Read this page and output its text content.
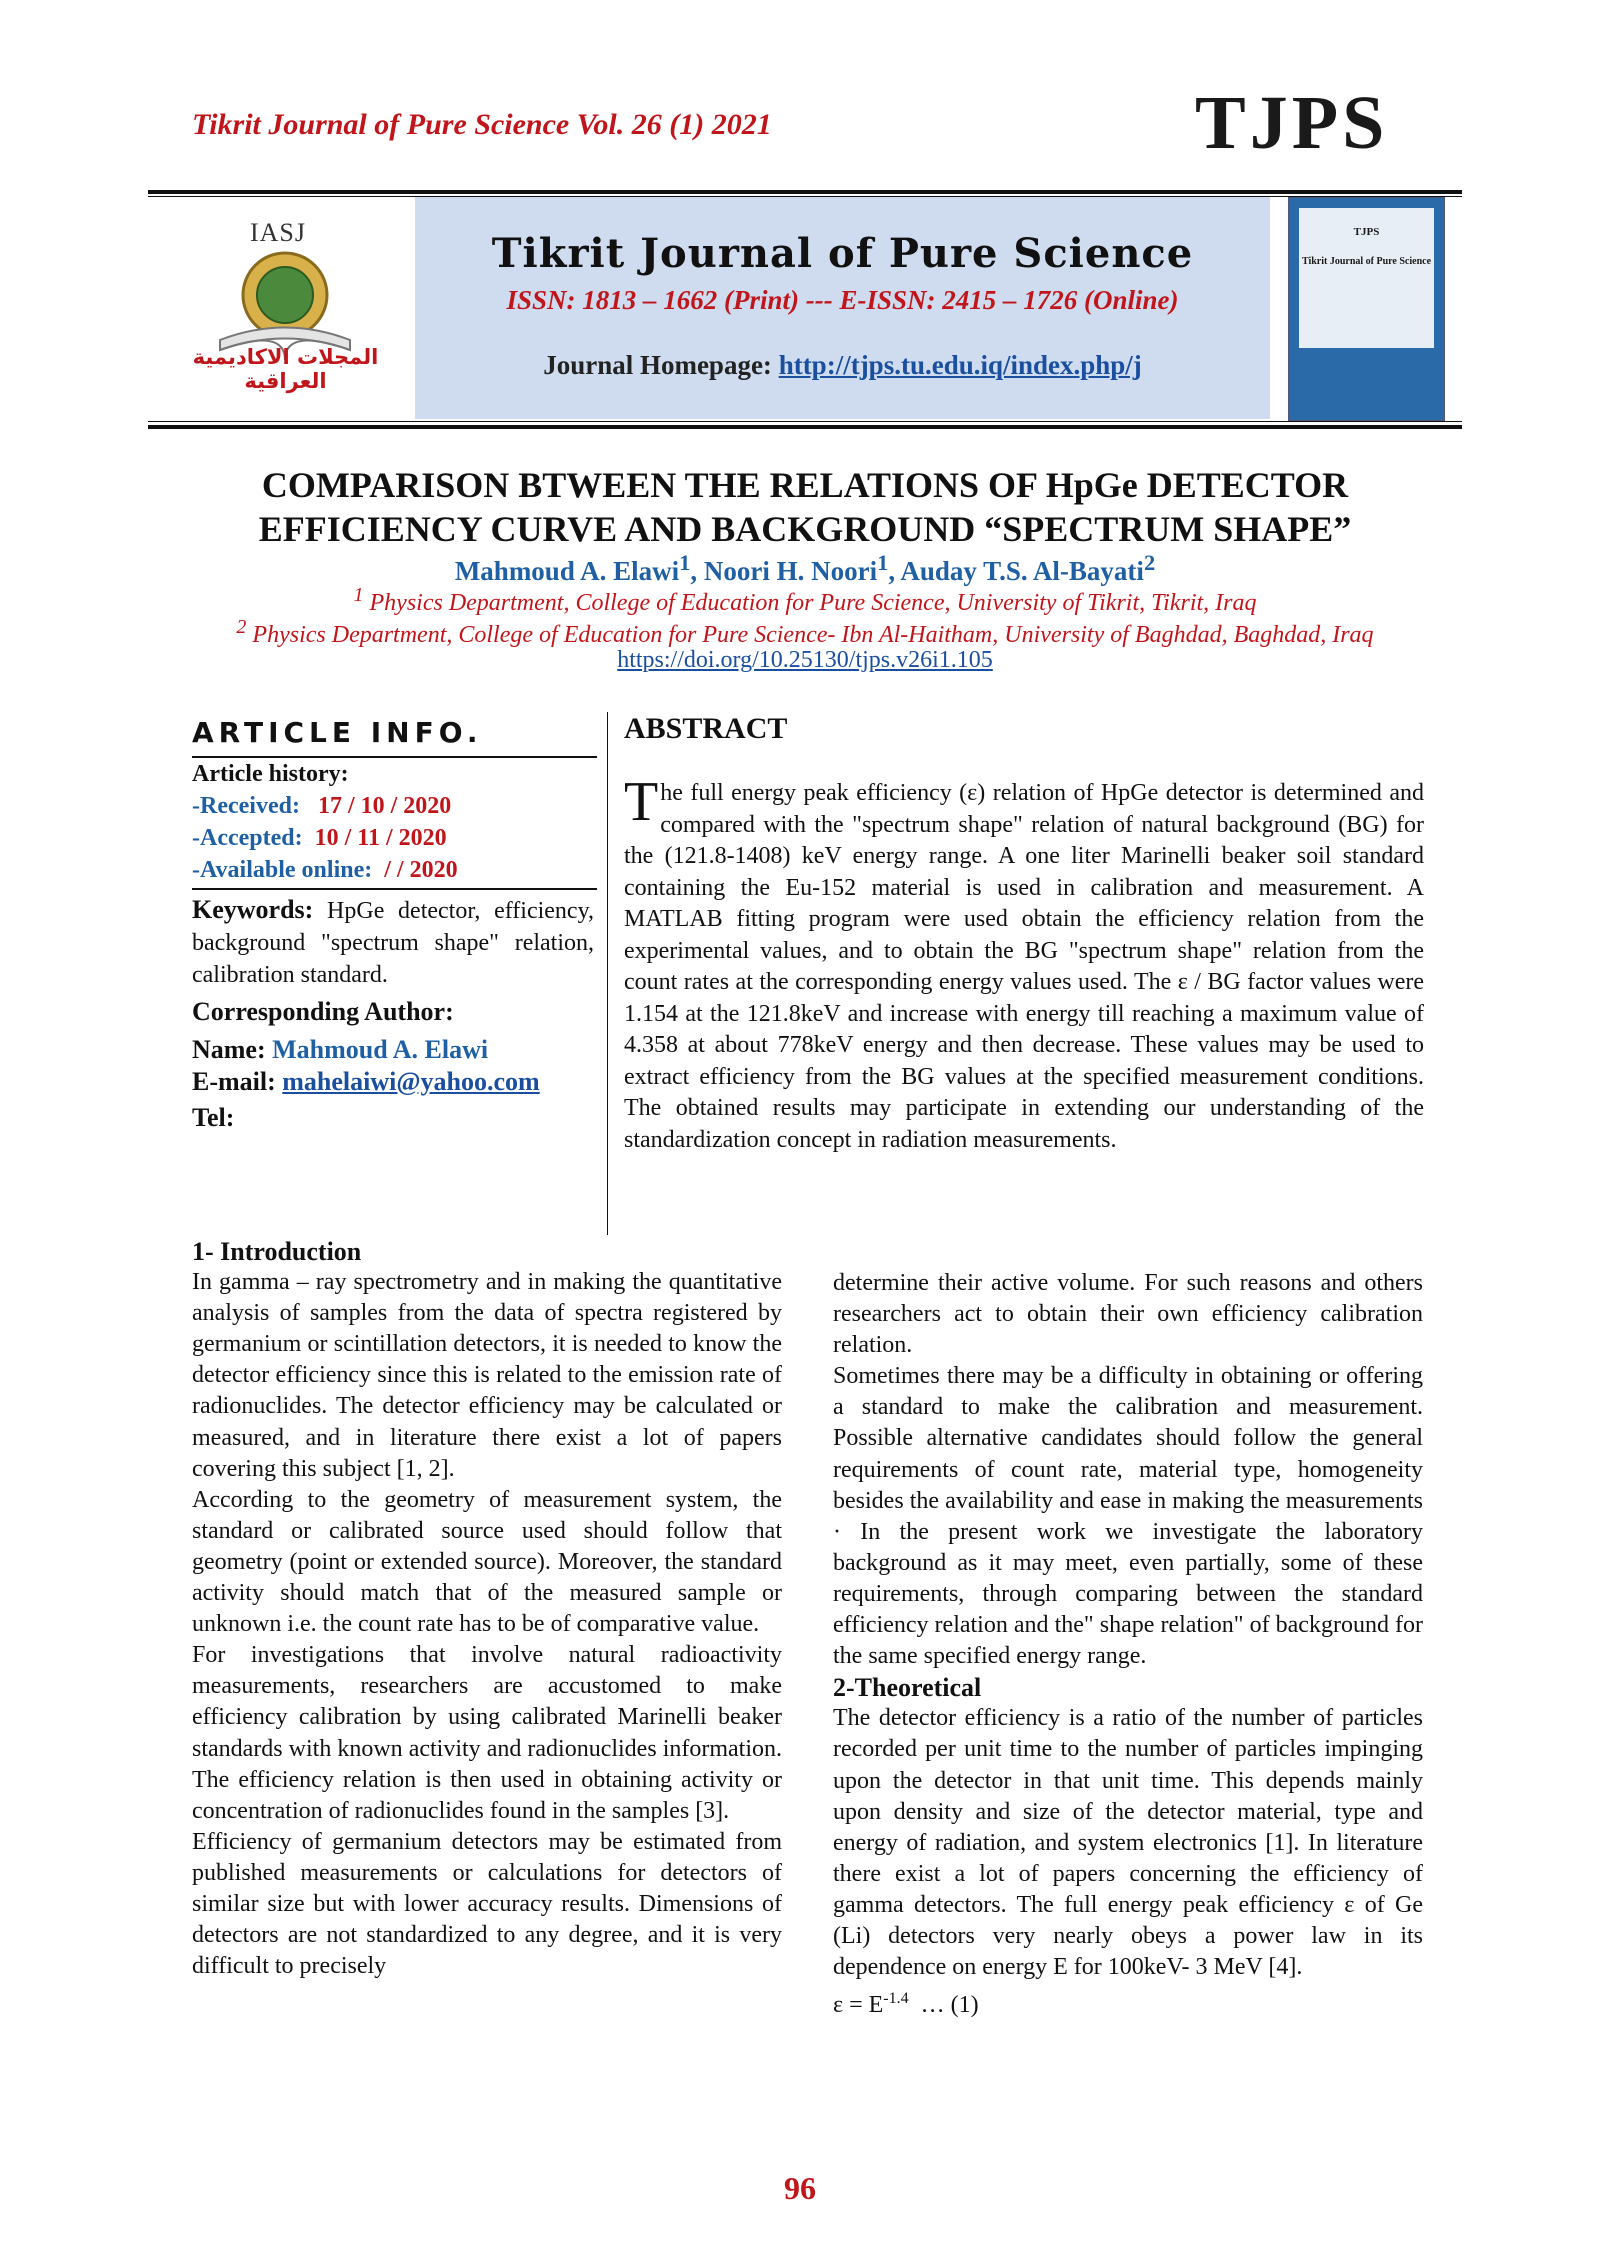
Tikrit Journal of Pure Science Vol. 26 (1) 2021	TJPS
IASJ
المجلات الاكاديمية العراقية
Tikrit Journal of Pure Science
ISSN: 1813 – 1662 (Print) --- E-ISSN: 2415 – 1726 (Online)
Journal Homepage: http://tjps.tu.edu.iq/index.php/j
TJPS
Tikrit Journal of Pure Science
COMPARISON BTWEEN THE RELATIONS OF HpGe DETECTOR
EFFICIENCY CURVE AND BACKGROUND “SPECTRUM SHAPE”
Mahmoud A. Elawi$^1$, Noori H. Noori$^1$, Auday T.S. Al-Bayati$^2$
$^1$ Physics Department, College of Education for Pure Science, University of Tikrit, Tikrit, Iraq
$^2$ Physics Department, College of Education for Pure Science- Ibn Al-Haitham, University of Baghdad, Baghdad, Iraq
https://doi.org/10.25130/tjps.v26i1.105
ARTICLE INFO.
Article history:
-Received: 17 / 10 / 2020
-Accepted: 10 / 11 / 2020
-Available online: / / 2020
Keywords: HpGe detector, efficiency, background "spectrum shape" relation, calibration standard.
Corresponding Author:
Name: Mahmoud A. Elawi
E-mail: mahelaiwi@yahoo.com
Tel:
ABSTRACT
The full energy peak efficiency (ε) relation of HpGe detector is determined and compared with the "spectrum shape" relation of natural background (BG) for the (121.8-1408) keV energy range. A one liter Marinelli beaker soil standard containing the Eu-152 material is used in calibration and measurement. A MATLAB fitting program were used obtain the efficiency relation from the experimental values, and to obtain the BG "spectrum shape" relation from the count rates at the corresponding energy values used. The ε / BG factor values were 1.154 at the 121.8keV and increase with energy till reaching a maximum value of 4.358 at about 778keV energy and then decrease. These values may be used to extract efficiency from the BG values at the specified measurement conditions. The obtained results may participate in extending our understanding of the standardization concept in radiation measurements.
1- Introduction

In gamma – ray spectrometry and in making the quantitative analysis of samples from the data of spectra registered by germanium or scintillation detectors, it is needed to know the detector efficiency since this is related to the emission rate of radionuclides. The detector efficiency may be calculated or measured, and in literature there exist a lot of papers covering this subject [1, 2].

According to the geometry of measurement system, the standard or calibrated source used should follow that geometry (point or extended source). Moreover, the standard activity should match that of the measured sample or unknown i.e. the count rate has to be of comparative value.

For investigations that involve natural radioactivity measurements, researchers are accustomed to make efficiency calibration by using calibrated Marinelli beaker standards with known activity and radionuclides information. The efficiency relation is then used in obtaining activity or concentration of radionuclides found in the samples [3].

Efficiency of germanium detectors may be estimated from published measurements or calculations for detectors of similar size but with lower accuracy results. Dimensions of detectors are not standardized to any degree, and it is very difficult to precisely

determine their active volume. For such reasons and others researchers act to obtain their own efficiency calibration relation.

Sometimes there may be a difficulty in obtaining or offering a standard to make the calibration and measurement. Possible alternative candidates should follow the general requirements of count rate, material type, homogeneity besides the availability and ease in making the measurements · In the present work we investigate the laboratory background as it may meet, even partially, some of these requirements, through comparing between the standard efficiency relation and the" shape relation" of background for the same specified energy range.

2-Theoretical

The detector efficiency is a ratio of the number of particles recorded per unit time to the number of particles impinging upon the detector in that unit time. This depends mainly upon density and size of the detector material, type and energy of radiation, and system electronics [1]. In literature there exist a lot of papers concerning the efficiency of gamma detectors. The full energy peak efficiency ε of Ge (Li) detectors very nearly obeys a power law in its dependence on energy E for 100keV- 3 MeV [4].

$\varepsilon = E^{-1.4}$ … (1)
96
